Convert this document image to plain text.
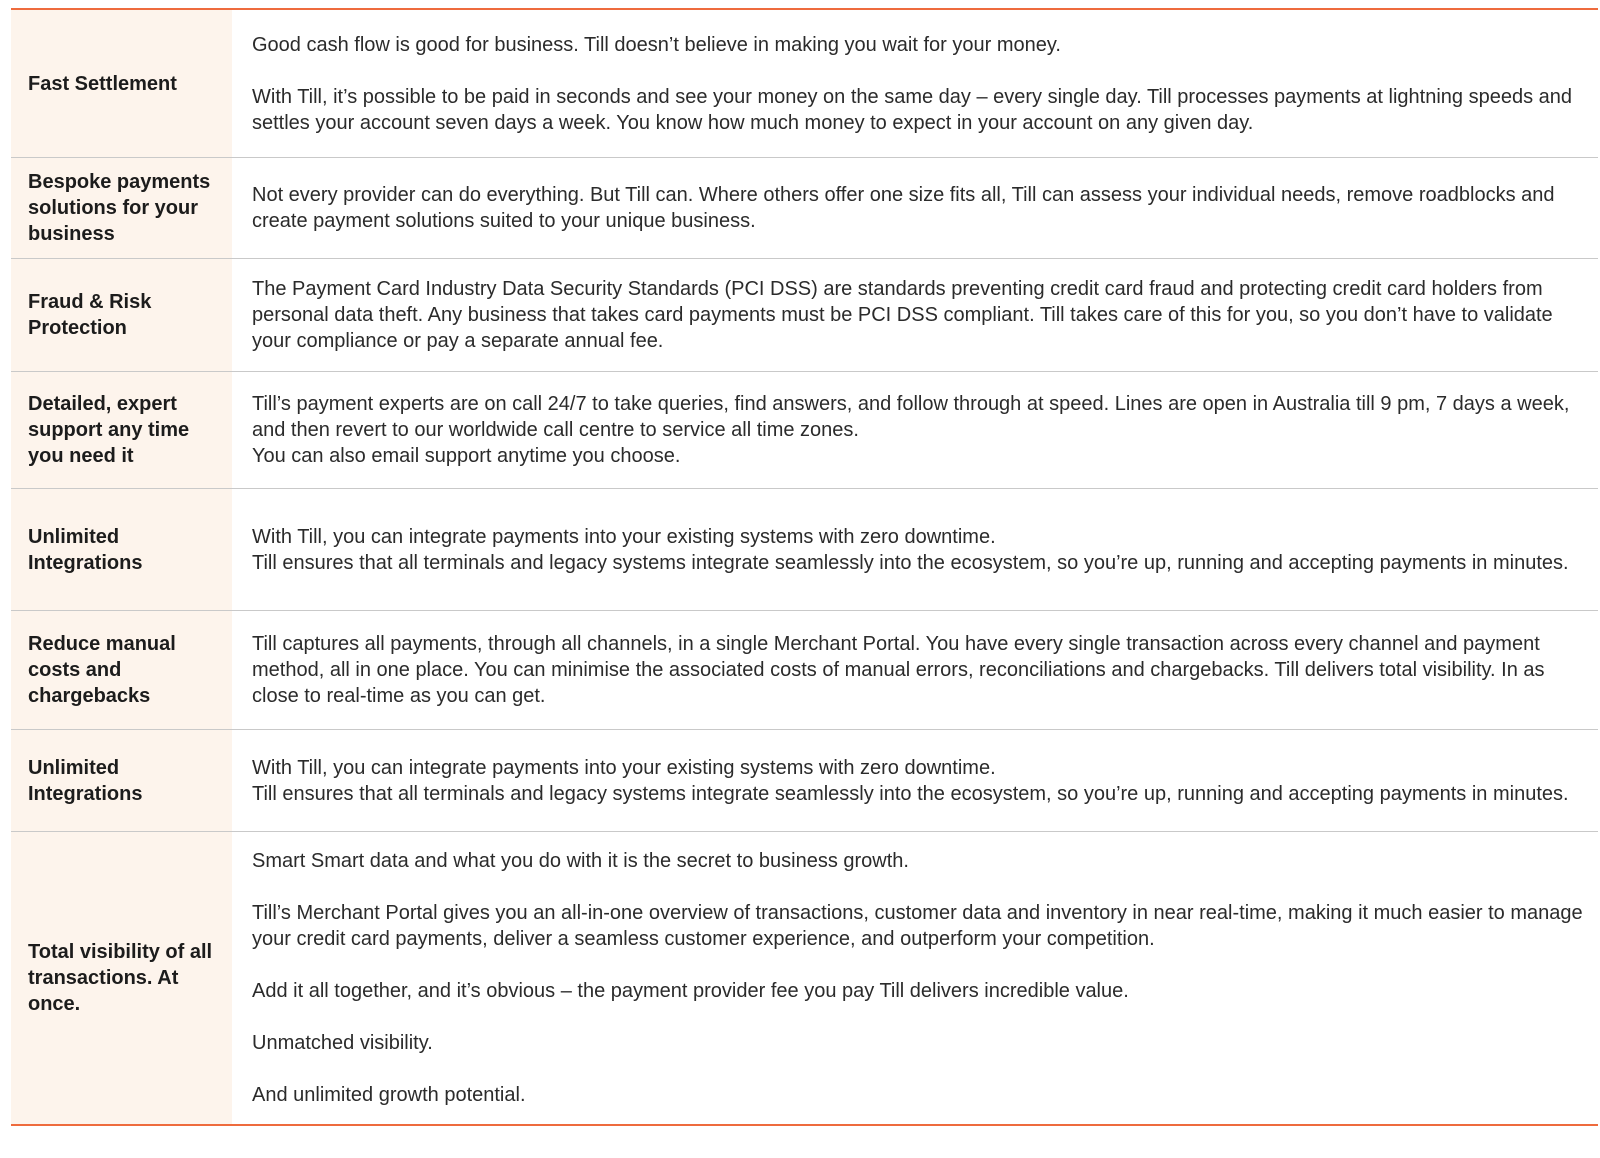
Fast Settlement

Good cash flow is good for business. Till doesn’t believe in making you wait for your money.

With Till, it’s possible to be paid in seconds and see your money on the same day – every single day. Till processes payments at lightning speeds and settles your account seven days a week. You know how much money to expect in your account on any given day.

Bespoke payments solutions for your business

Not every provider can do everything. But Till can. Where others offer one size fits all, Till can assess your individual needs, remove roadblocks and create payment solutions suited to your unique business.

Fraud & Risk Protection

The Payment Card Industry Data Security Standards (PCI DSS) are standards preventing credit card fraud and protecting credit card holders from personal data theft. Any business that takes card payments must be PCI DSS compliant. Till takes care of this for you, so you don’t have to validate your compliance or pay a separate annual fee.

Detailed, expert support any time you need it

Till’s payment experts are on call 24/7 to take queries, find answers, and follow through at speed. Lines are open in Australia till 9 pm, 7 days a week, and then revert to our worldwide call centre to service all time zones.

You can also email support anytime you choose.

Unlimited Integrations

With Till, you can integrate payments into your existing systems with zero downtime.

Till ensures that all terminals and legacy systems integrate seamlessly into the ecosystem, so you’re up, running and accepting payments in minutes.

Reduce manual costs and chargebacks

Till captures all payments, through all channels, in a single Merchant Portal. You have every single transaction across every channel and payment method, all in one place. You can minimise the associated costs of manual errors, reconciliations and chargebacks. Till delivers total visibility. In as close to real-time as you can get.

Unlimited Integrations

With Till, you can integrate payments into your existing systems with zero downtime.

Till ensures that all terminals and legacy systems integrate seamlessly into the ecosystem, so you’re up, running and accepting payments in minutes.

Total visibility of all transactions. At once.

Smart Smart data and what you do with it is the secret to business growth.

Till’s Merchant Portal gives you an all-in-one overview of transactions, customer data and inventory in near real-time, making it much easier to manage your credit card payments, deliver a seamless customer experience, and outperform your competition.

Add it all together, and it’s obvious – the payment provider fee you pay Till delivers incredible value.

Unmatched visibility.

And unlimited growth potential.
